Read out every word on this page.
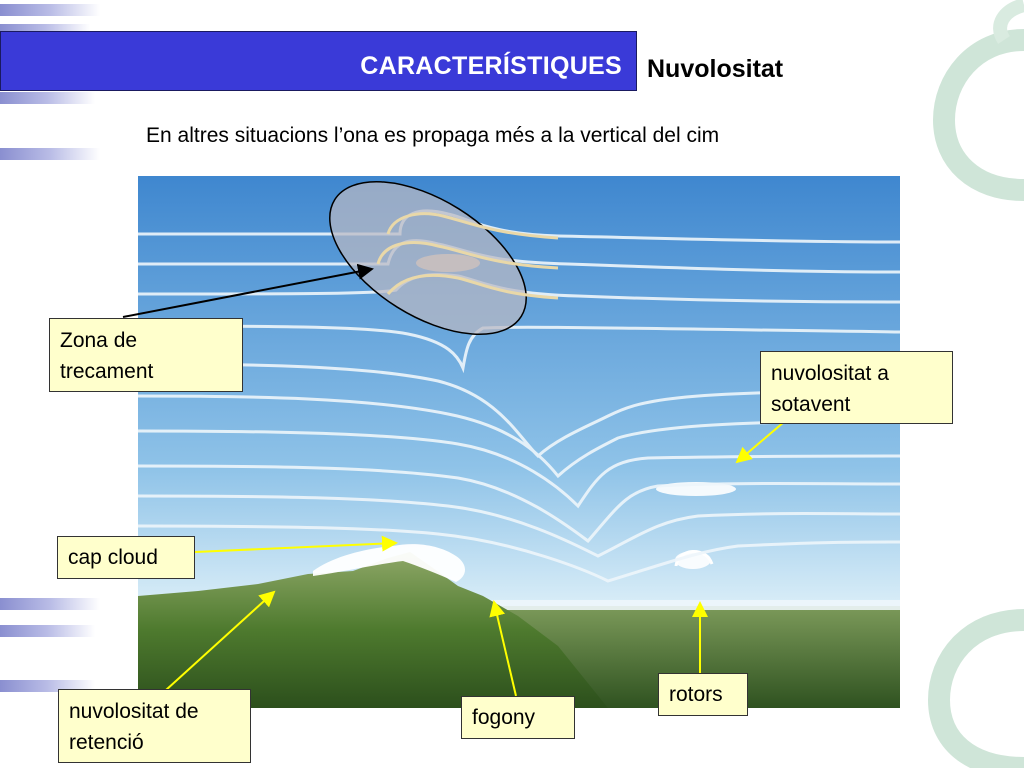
CARACTERÍSTIQUES Nuvolositat
En altres situacions l’ona es propaga més a la vertical del cim
Zona de
trecament	nuvolositat a
sotavent
cap cloud
nuvolositat de
retenció
fogony
rotors
